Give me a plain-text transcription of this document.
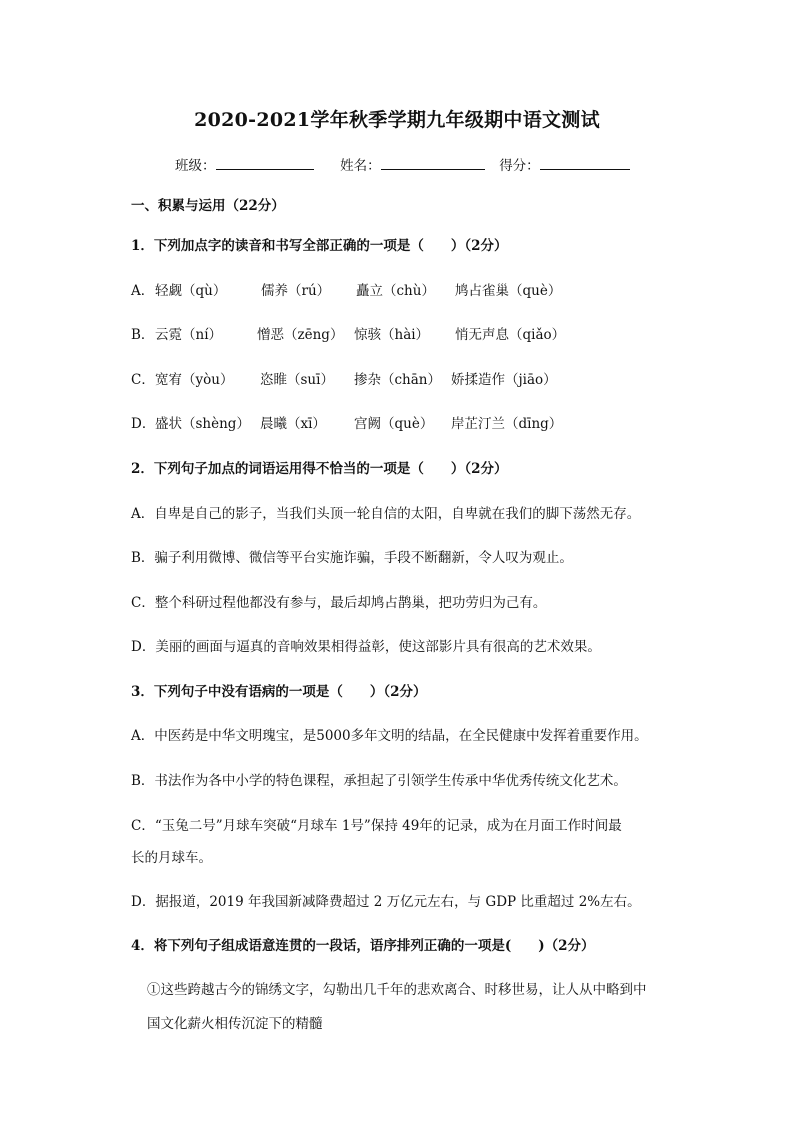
2020-2021学年秋季学期九年级期中语文测试
班级：	姓名：	得分：
一、积累与运用（22分）
1．下列加点字的读音和书写全部正确的一项是（　　）（2分）
A． 轻觑（qù）	儒养（rú） 矗立（chù） 鸠占雀巢（què）
B． 云霓（ní）	憎恶（zēng） 惊骇（hài） 悄无声息（qiǎo）
C． 宽宥（yòu） 恣睢（suī） 掺杂（chān） 娇揉造作（jiāo）
D． 盛状（shèng） 晨曦（xī） 宫阙（què） 岸芷汀兰（dīng）
2．下列句子加点的词语运用得不恰当的一项是（　　）（2分）
A．自卑是自己的影子，当我们头顶一轮自信的太阳，自卑就在我们的脚下荡然无存。
B．骗子利用微博、微信等平台实施诈骗，手段不断翻新，令人叹为观止。
C．整个科研过程他都没有参与，最后却鸠占鹊巢，把功劳归为己有。
D．美丽的画面与逼真的音响效果相得益彰，使这部影片具有很高的艺术效果。
3．下列句子中没有语病的一项是（　　）（2分）
A．中医药是中华文明瑰宝，是5000多年文明的结晶，在全民健康中发挥着重要作用。
B．书法作为各中小学的特色课程，承担起了引领学生传承中华优秀传统文化艺术。
C．“玉兔二号”月球车突破“月球车 1号”保持 49年的记录，成为在月面工作时间最
长的月球车。
D．据报道，2019 年我国新减降费超过 2 万亿元左右，与 GDP 比重超过 2%左右。
4．将下列句子组成语意连贯的一段话，语序排列正确的一项是(　　)（2分）
①这些跨越古今的锦绣文字，勾勒出几千年的悲欢离合、时移世易，让人从中略到中
国文化薪火相传沉淀下的精髓
